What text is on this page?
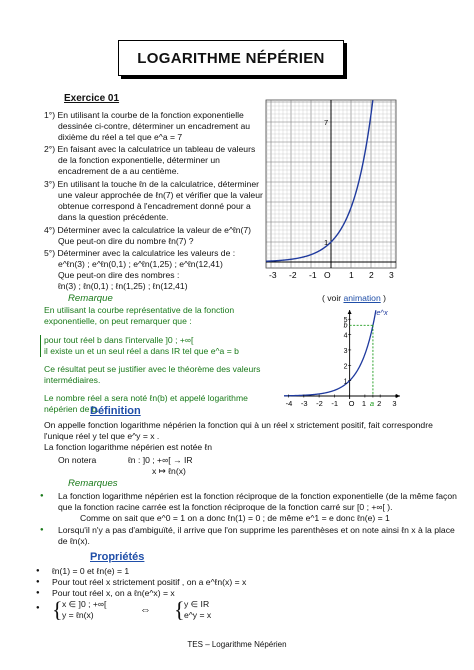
LOGARITHME NÉPÉRIEN
Exercice 01
1°) En utilisant la courbe de la fonction exponentielle
dessinée ci-contre, déterminer un encadrement au
dixième du réel a tel que e^a = 7
2°) En faisant avec la calculatrice un tableau de valeurs
de la fonction exponentielle, déterminer un
encadrement de a au centième.
3°) En utilisant la touche ℓn de la calculatrice, déterminer
une valeur approchée de ℓn(7) et vérifier que la valeur
obtenue correspond à l'encadrement donné pour a
dans la question précédente.
4°) Déterminer avec la calculatrice la valeur de e^ℓn(7)
Que peut-on dire du nombre ℓn(7) ?
5°) Déterminer avec la calculatrice les valeurs de :
e^ℓn(3) ; e^ℓn(0,1) ; e^ℓn(1,25) ; e^ℓn(12,41)
Que peut-on dire des nombres :
ℓn(3) ; ℓn(0,1) ; ℓn(1,25) ; ℓn(12,41)
-3 -2 -1 O 1 2 3
1
7
Remarque
En utilisant la courbe représentative de la fonction
exponentielle, on peut remarquer que :
pour tout réel b dans l'intervalle ]0 ; +∞[
il existe un et un seul réel a dans IR tel que e^a = b
Ce résultat peut se justifier avec le théorème des valeurs
intermédiaires.
Le nombre réel a sera noté ℓn(b) et appelé logarithme
népérien de b.
( voir animation )
-4 -3 -2 -1 O 1 a 2 3
1
2
3
4
5
b
e^x
Définition
On appelle fonction logarithme népérien la fonction qui à un réel x strictement positif, fait correspondre
l'unique réel y tel que e^y = x .
La fonction logarithme népérien est notée ℓn
On notera	ℓn : ]0 ; +∞[ → IR
x ↦ ℓn(x)
Remarques
●	La fonction logarithme népérien est la fonction réciproque de la fonction exponentielle (de la même façon
que la fonction racine carrée est la fonction réciproque de la fonction carré sur [0 ; +∞[ ).
Comme on sait que e^0 = 1 on a donc ℓn(1) = 0 ; de même e^1 = e donc ℓn(e) = 1
●	Lorsqu'il n'y a pas d'ambiguïté, il arrive que l'on supprime les parenthèses et on note ainsi ℓn x à la place
de ℓn(x).
Propriétés
●	ℓn(1) = 0 et ℓn(e) = 1
●	Pour tout réel x strictement positif , on a e^ℓn(x) = x
●	Pour tout réel x, on a ℓn(e^x) = x
● { x ∈ ]0 ; +∞[
y = ℓn(x)	⇔ { y ∈ IR
e^y = x
TES – Logarithme Népérien
